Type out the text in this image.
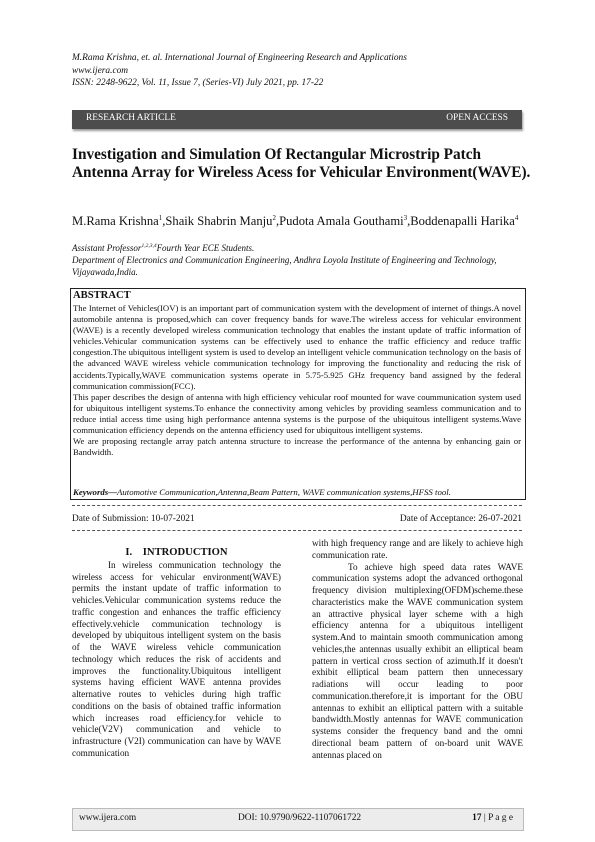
M.Rama Krishna, et. al. International Journal of Engineering Research and Applications
www.ijera.com
ISSN: 2248-9622, Vol. 11, Issue 7, (Series-VI) July 2021, pp. 17-22
RESEARCH ARTICLE	OPEN ACCESS
Investigation and Simulation Of Rectangular Microstrip Patch Antenna Array for Wireless Acess for Vehicular Environment(WAVE).
M.Rama Krishna$^1$,Shaik Shabrin Manju$^2$,Pudota Amala Gouthami$^3$,Boddenapalli Harika$^4$
Assistant Professor$^{1,2,3,4}$Fourth Year ECE Students.
Department of Electronics and Communication Engineering, Andhra Loyola Institute of Engineering and Technology, Vijayawada,India.
ABSTRACT

The Internet of Vehicles(IOV) is an important part of communication system with the development of internet of things.A novel automobile antenna is proposed,which can cover frequency bands for wave.The wireless access for vehicular environment (WAVE) is a recently developed wireless communication technology that enables the instant update of traffic information of vehicles.Vehicular communication systems can be effectively used to enhance the traffic efficiency and reduce traffic congestion.The ubiquitous intelligent system is used to develop an intelligent vehicle communication technology on the basis of the advanced WAVE wireless vehicle communication technology for improving the functionality and reducing the risk of accidents.Typically,WAVE communication systems operate in 5.75-5.925 GHz frequency band assigned by the federal communication commission(FCC).

This paper describes the design of antenna with high efficiency vehicular roof mounted for wave coummunication system used for ubiquitous intelligent systems.To enhance the connectivity among vehicles by providing seamless communication and to reduce intial access time using high performance antenna systems is the purpose of the ubiquitous intelligent systems.Wave communication efficiency depends on the antenna efficiency used for ubiquitous intelligent systems.

We are proposing rectangle array patch antenna structure to increase the performance of the antenna by enhancing gain or Bandwidth.

Keywords—Automotive Communication,Antenna,Beam Pattern, WAVE communication systems,HFSS tool.
Date of Submission: 10-07-2021	Date of Acceptance: 26-07-2021

I. INTRODUCTION

In wireless communication technology the wireless access for vehicular environment(WAVE) permits the instant update of traffic information to vehicles.Vehicular communication systems reduce the traffic congestion and enhances the traffic efficiency effectively.vehicle communication technology is developed by ubiquitous intelligent system on the basis of the WAVE wireless vehicle communication technology which reduces the risk of accidents and improves the functionality.Ubiquitous intelligent systems having efficient WAVE antenna provides alternative routes to vehicles during high traffic conditions on the basis of obtained traffic information which increases road efficiency.for vehicle to vehicle(V2V) communication and vehicle to infrastructure (V2I) communication can have by WAVE communication

with high frequency range and are likely to achieve high communication rate.

To achieve high speed data rates WAVE communication systems adopt the advanced orthogonal frequency division multiplexing(OFDM)scheme.these characteristics make the WAVE communication system an attractive physical layer scheme with a high efficiency antenna for a ubiquitous intelligent system.And to maintain smooth communication among vehicles,the antennas usually exhibit an elliptical beam pattern in vertical cross section of azimuth.If it doesn't exhibit elliptical beam pattern then unnecessary radiations will occur leading to poor communication.therefore,it is important for the OBU antennas to exhibit an elliptical pattern with a suitable bandwidth.Mostly antennas for WAVE communication systems consider the frequency band and the omni directional beam pattern of on-board unit WAVE antennas placed on

www.ijera.com	DOI: 10.9790/9622-1107061722	17 | P a g e
